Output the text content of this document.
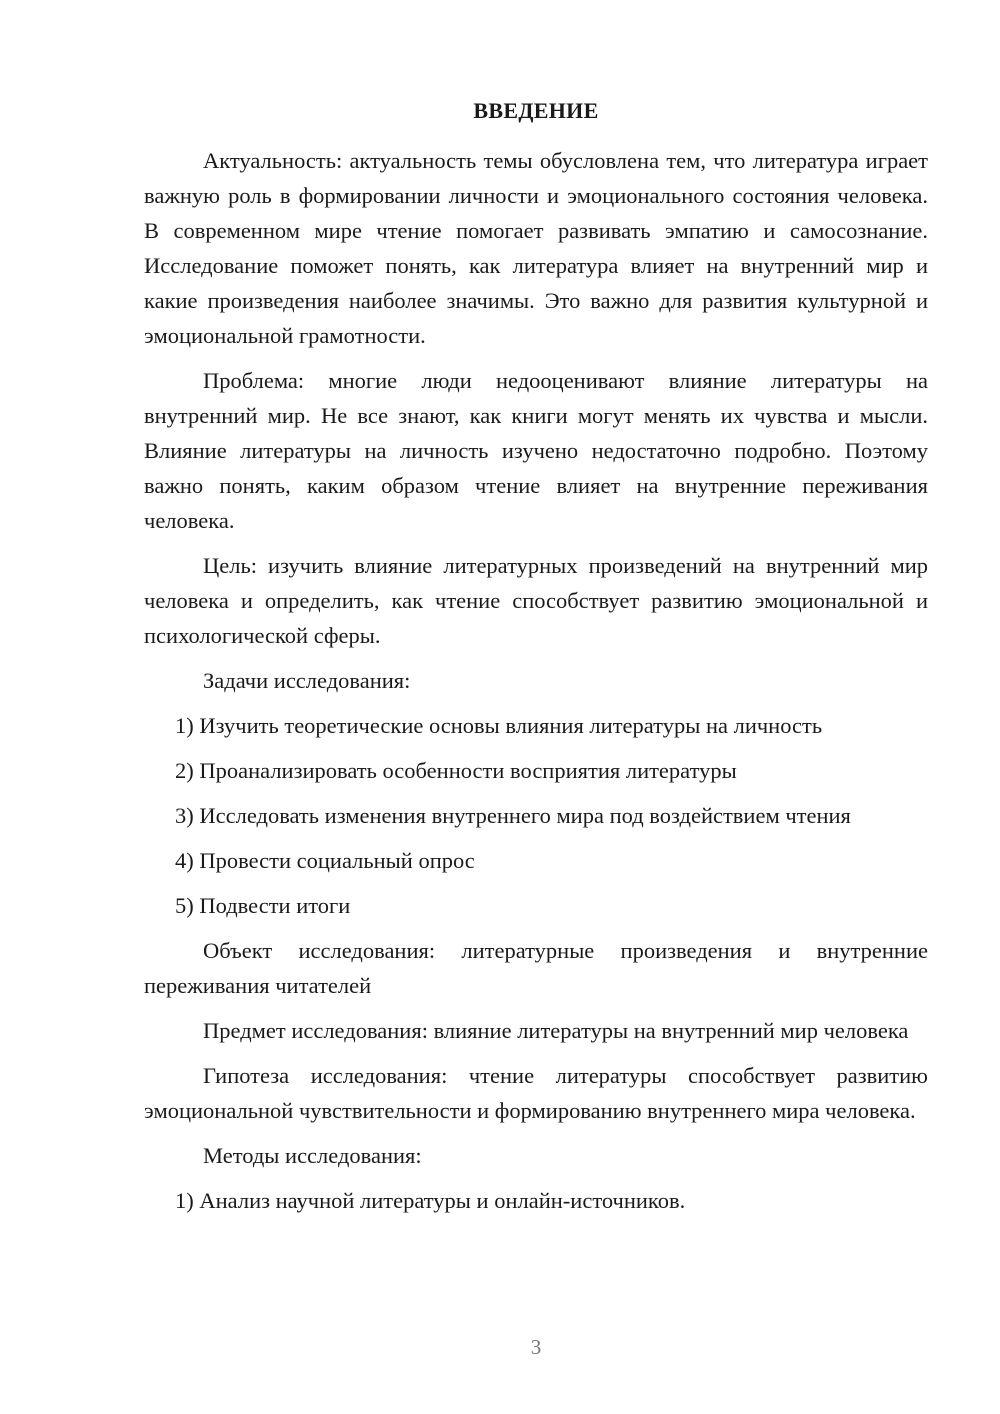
ВВЕДЕНИЕ

Актуальность: актуальность темы обусловлена тем, что литература играет важную роль в формировании личности и эмоционального состояния человека. В современном мире чтение помогает развивать эмпатию и самосознание. Исследование поможет понять, как литература влияет на внутренний мир и какие произведения наиболее значимы. Это важно для развития культурной и эмоциональной грамотности.

Проблема: многие люди недооценивают влияние литературы на внутренний мир. Не все знают, как книги могут менять их чувства и мысли. Влияние литературы на личность изучено недостаточно подробно. Поэтому важно понять, каким образом чтение влияет на внутренние переживания человека.

Цель: изучить влияние литературных произведений на внутренний мир человека и определить, как чтение способствует развитию эмоциональной и психологической сферы.

Задачи исследования:

1) Изучить теоретические основы влияния литературы на личность

2) Проанализировать особенности восприятия литературы

3) Исследовать изменения внутреннего мира под воздействием чтения

4) Провести социальный опрос

5) Подвести итоги

Объект исследования: литературные произведения и внутренние переживания читателей

Предмет исследования: влияние литературы на внутренний мир человека

Гипотеза исследования: чтение литературы способствует развитию эмоциональной чувствительности и формированию внутреннего мира человека.

Методы исследования:

1) Анализ научной литературы и онлайн-источников.

3
